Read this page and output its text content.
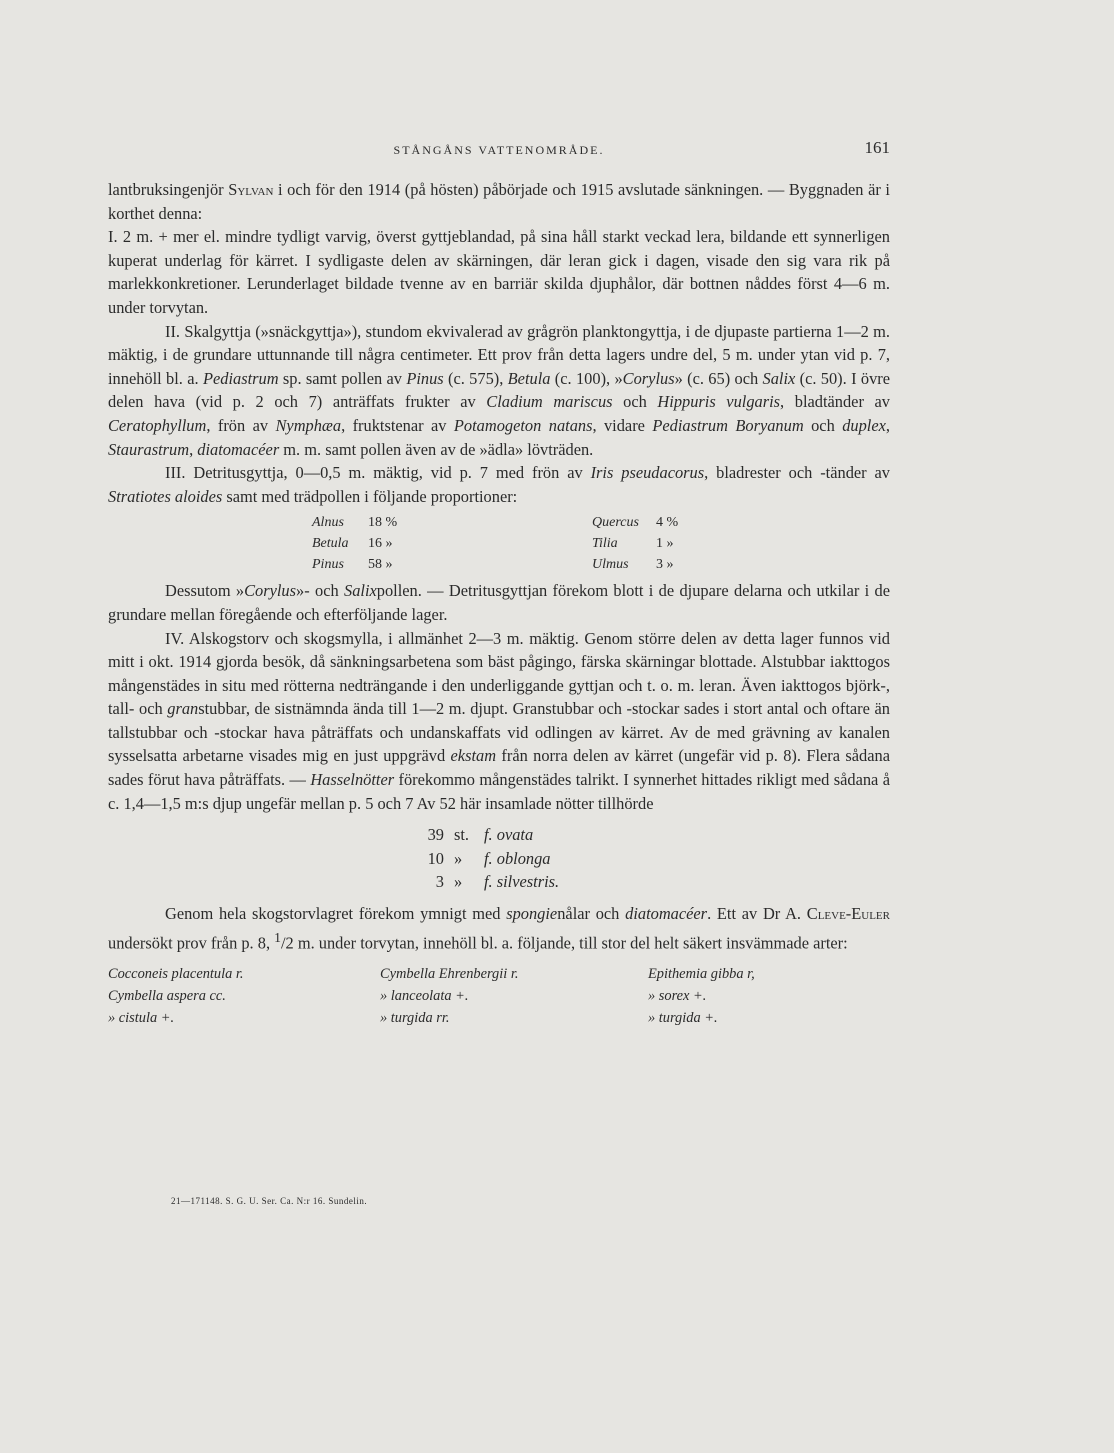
STÅNGÅNS VATTENOMRÅDE.	161

lantbruksingenjör Sylvan i och för den 1914 (på hösten) påbörjade och 1915 avslutade sänkningen. — Byggnaden är i korthet denna:

I. 2 m. + mer el. mindre tydligt varvig, överst gyttjeblandad, på sina håll starkt veckad lera, bildande ett synnerligen kuperat underlag för kärret. I sydligaste delen av skärningen, där leran gick i dagen, visade den sig vara rik på marlekkonkretioner. Lerunderlaget bildade tvenne av en barriär skilda djuphålor, där bottnen nåddes först 4—6 m. under torvytan.

II. Skalgyttja (»snäckgyttja»), stundom ekvivalerad av grågrön planktongyttja, i de djupaste partierna 1—2 m. mäktig, i de grundare uttunnande till några centimeter. Ett prov från detta lagers undre del, 5 m. under ytan vid p. 7, innehöll bl. a. Pediastrum sp. samt pollen av Pinus (c. 575), Betula (c. 100), »Corylus» (c. 65) och Salix (c. 50). I övre delen hava (vid p. 2 och 7) anträffats frukter av Cladium mariscus och Hippuris vulgaris, bladtänder av Ceratophyllum, frön av Nymphæa, fruktstenar av Potamogeton natans, vidare Pediastrum Boryanum och duplex, Staurastrum, diatomacéer m. m. samt pollen även av de »ädla» lövträden.

III. Detritusgyttja, 0—0,5 m. mäktig, vid p. 7 med frön av Iris pseudacorus, bladrester och -tänder av Stratiotes aloides samt med trädpollen i följande proportioner:

Alnus 18 %	Quercus 4 %
Betula 16 »	Tilia	1 »
Pinus 58 »	Ulmus 3 »

Dessutom »Corylus»- och Salixpollen. — Detritusgyttjan förekom blott i de djupare delarna och utkilar i de grundare mellan föregående och efterföljande lager.

IV. Alskogstorv och skogsmylla, i allmänhet 2—3 m. mäktig. Genom större delen av detta lager funnos vid mitt i okt. 1914 gjorda besök, då sänkningsarbetena som bäst pågingo, färska skärningar blottade. Alstubbar iakttogos mångenstädes in situ med rötterna nedträngande i den underliggande gyttjan och t. o. m. leran. Även iakttogos björk-, tall- och granstubbar, de sistnämnda ända till 1—2 m. djupt. Granstubbar och -stockar sades i stort antal och oftare än tallstubbar och -stockar hava påträffats och undanskaffats vid odlingen av kärret. Av de med grävning av kanalen sysselsatta arbetarne visades mig en just uppgrävd ekstam från norra delen av kärret (ungefär vid p. 8). Flera sådana sades förut hava påträffats. — Hasselnötter förekommo mångenstädes talrikt. I synnerhet hittades rikligt med sådana å c. 1,4—1,5 m:s djup ungefär mellan p. 5 och 7 Av 52 här insamlade nötter tillhörde

39 st. f. ovata
10 » f. oblonga
3 » f. silvestris.

Genom hela skogstorvlagret förekom ymnigt med spongienålar och diatomacéer. Ett av Dr A. Cleve-Euler undersökt prov från p. 8, $^1$/2 m. under torvytan, innehöll bl. a. följande, till stor del helt säkert insvämmade arter:

Cocconeis placentula r.	Cymbella Ehrenbergii r.	Epithemia gibba r,
Cymbella aspera cc.	» lanceolata +.	» sorex +.
» cistula +.	» turgida rr.	» turgida +.
21—171148. S. G. U. Ser. Ca. N:r 16. Sundelin.
